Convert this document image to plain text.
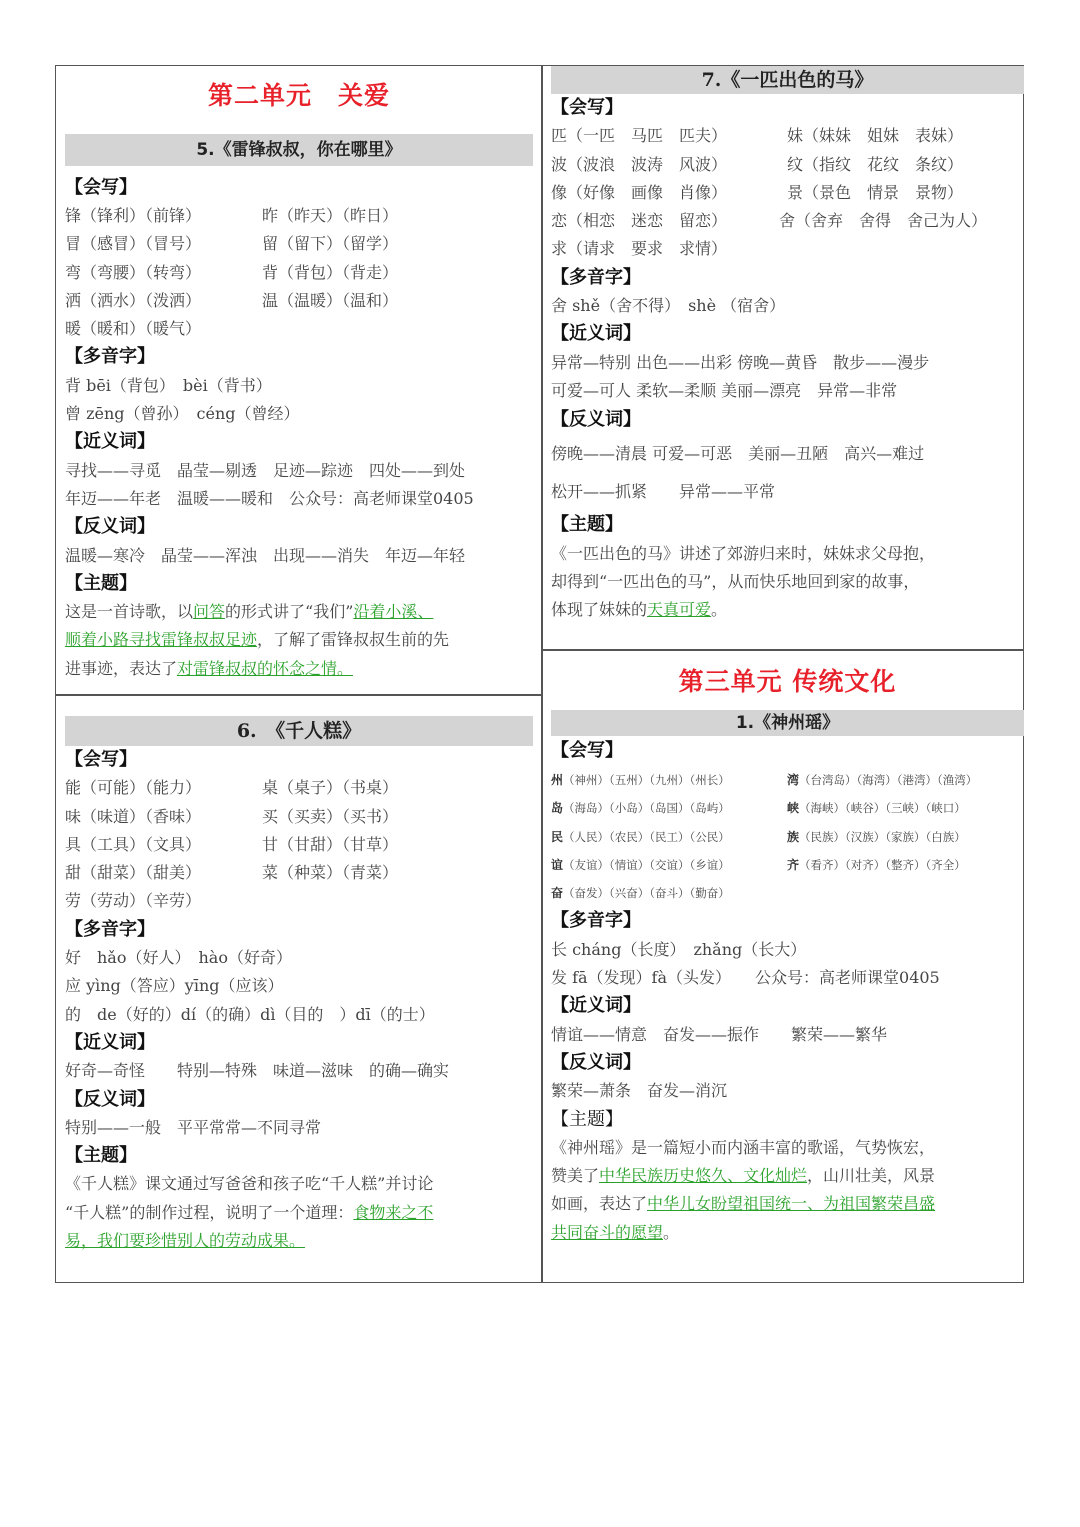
第二单元　关爱
5.《雷锋叔叔，你在哪里》
【会写】
锋（锋利）（前锋）	昨（昨天）（昨日）
冒（感冒）（冒号）	留（留下）（留学）
弯（弯腰）（转弯）	背（背包）（背走）
洒（洒水）（泼洒）	温（温暖）（温和）
暖（暖和）（暖气）
【多音字】
背 bēi（背包）　bèi（背书）
曾 zēng（曾孙）　céng（曾经）
【近义词】
寻找——寻觅　晶莹—剔透　足迹—踪迹　四处——到处
年迈——年老　温暖——暖和　公众号：高老师课堂0405
【反义词】
温暖—寒冷　晶莹——浑浊　出现——消失　年迈—年轻
【主题】
这是一首诗歌，以问答的形式讲了“我们”沿着小溪、
顺着小路寻找雷锋叔叔足迹，了解了雷锋叔叔生前的先
进事迹，表达了对雷锋叔叔的怀念之情。
6.　《千人糕》
【会写】
能（可能）（能力）	桌（桌子）（书桌）
味（味道）（香味）	买（买卖）（买书）
具（工具）（文具）	甘（甘甜）（甘草）
甜（甜菜）（甜美）	菜（种菜）（青菜）
劳（劳动）（辛劳）
【多音字】
好　hǎo（好人）　hào（好奇）
应 yìng（答应）yīng（应该）
的　de（好的）dí（的确）dì（目的　）dī（的士）
【近义词】
好奇—奇怪　　特别—特殊　味道—滋味　的确—确实
【反义词】
特别——一般　平平常常—不同寻常
【主题】
《千人糕》课文通过写爸爸和孩子吃“千人糕”并讨论
“千人糕”的制作过程，说明了一个道理：食物来之不
易，我们要珍惜别人的劳动成果。
7.《一匹出色的马》
【会写】
匹（一匹　马匹　匹夫）	妹（妹妹　姐妹　表妹）
波（波浪　波涛　风波）	纹（指纹　花纹　条纹）
像（好像　画像　肖像）	景（景色　情景　景物）
恋（相恋　迷恋　留恋）	舍（舍弃　舍得　舍己为人）
求（请求　要求　求情）
【多音字】
舍 shě（舍不得）　shè （宿舍）
【近义词】
异常—特别 出色——出彩 傍晚—黄昏　散步——漫步
可爱—可人 柔软—柔顺 美丽—漂亮　异常—非常
【反义词】
傍晚——清晨 可爱—可恶　美丽—丑陋　高兴—难过
松开——抓紧　　异常——平常
【主题】
《一匹出色的马》讲述了郊游归来时，妹妹求父母抱，
却得到“一匹出色的马”，从而快乐地回到家的故事，
体现了妹妹的天真可爱。
第三单元 传统文化
1.《神州瑶》
【会写】
州（神州）（五州）（九州）（州长）	湾（台湾岛）（海湾）（港湾）（渔湾）
岛（海岛）（小岛）（岛国）（岛屿）	峡（海峡）（峡谷）（三峡）（峡口）
民（人民）（农民）（民工）（公民）	族（民族）（汉族）（家族）（白族）
谊（友谊）（情谊）（交谊）（乡谊）	齐（看齐）（对齐）（整齐）（齐全）
奋（奋发）（兴奋）（奋斗）（勤奋）
【多音字】
长 cháng（长度）　zhǎng（长大）
发 fā（发现）fà（头发）　　公众号：高老师课堂0405
【近义词】
情谊——情意　奋发——振作　　繁荣——繁华
【反义词】
繁荣—萧条　奋发—消沉
【主题】
《神州瑶》是一篇短小而内涵丰富的歌谣，气势恢宏，
赞美了中华民族历史悠久、文化灿烂，山川壮美，风景
如画，表达了中华儿女盼望祖国统一、为祖国繁荣昌盛
共同奋斗的愿望。
